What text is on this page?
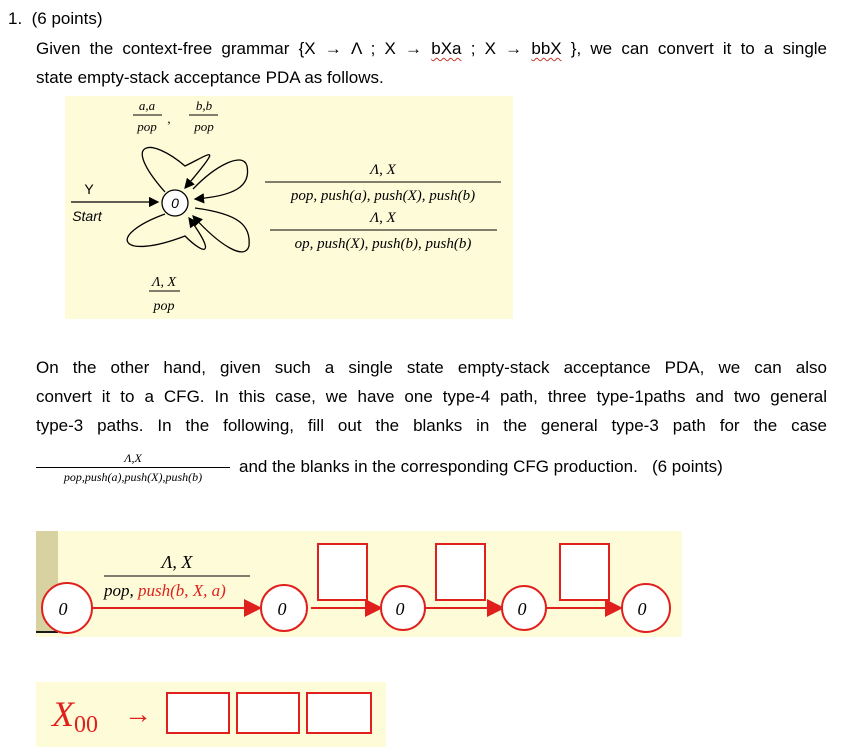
1. (6 points)
Given the context-free grammar {X → Λ ; X → bXa ; X → bbX }, we can convert it to a single
state empty-stack acceptance PDA as follows.
a,a
pop
,
b,b
pop
Y
Start
0
Λ, X
pop
Λ, X
pop, push(a), push(X), push(b)
Λ, X
op, push(X), push(b), push(b)
On the other hand, given such a single state empty-stack acceptance PDA, we can also
convert it to a CFG. In this case, we have one type-4 path, three type-1paths and two general
type-3 paths. In the following, fill out the blanks in the general type-3 path for the case
Λ,X
pop,push(a),push(X),push(b)
and the blanks in the corresponding CFG production. (6 points)
Λ, X
pop, push(b, X, a)
0	0	0	0	0
$X_{00}$ →
